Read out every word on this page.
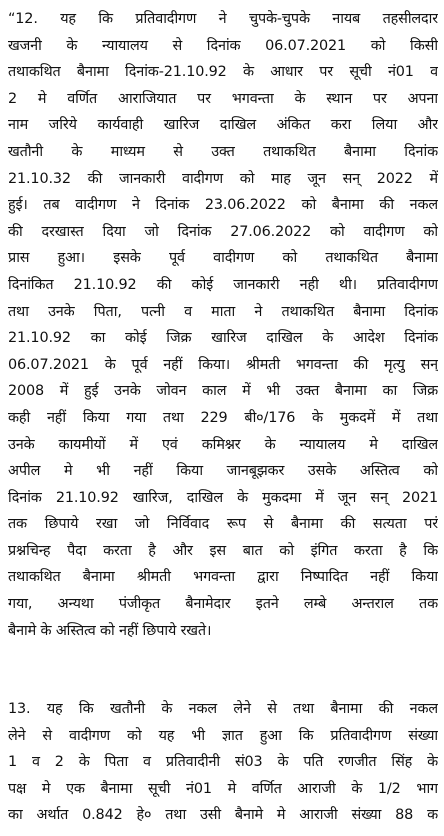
“12. यह कि प्रतिवादीगण ने चुपके-चुपके नायब तहसीलदार
खजनी के न्यायालय से दिनांक 06.07.2021 को किसी
तथाकथित बैनामा दिनांक-21.10.92 के आधार पर सूची नं01 व
2 मे वर्णित आराजियात पर भगवन्ता के स्थान पर अपना
नाम जरिये कार्यवाही खारिज दाखिल अंकित करा लिया और
खतौनी के माध्यम से उक्त तथाकथित बैनामा दिनांक
21.10.32 की जानकारी वादीगण को माह जून सन् 2022 में
हुई। तब वादीगण ने दिनांक 23.06.2022 को बैनामा की नकल
की दरखास्त दिया जो दिनांक 27.06.2022 को वादीगण को
प्रास हुआ। इसके पूर्व वादीगण को तथाकथित बैनामा
दिनांकित 21.10.92 की कोई जानकारी नही थी। प्रतिवादीगण
तथा उनके पिता, पत्नी व माता ने तथाकथित बैनामा दिनांक
21.10.92 का कोई जिक्र खारिज दाखिल के आदेश दिनांक
06.07.2021 के पूर्व नहीं किया। श्रीमती भगवन्ता की मृत्यु सन्
2008 में हुई उनके जोवन काल में भी उक्त बैनामा का जिक्र
कही नहीं किया गया तथा 229 बी०/176 के मुकदमें में तथा
उनके कायमीयों में एवं कमिश्नर के न्यायालय मे दाखिल
अपील मे भी नहीं किया जानबूझकर उसके अस्तित्व को
दिनांक 21.10.92 खारिज, दाखिल के मुकदमा में जून सन् 2021
तक छिपाये रखा जो निर्विवाद रूप से बैनामा की सत्यता परं
प्रश्नचिन्ह पैदा करता है और इस बात को इंगित करता है कि
तथाकथित बैनामा श्रीमती भगवन्ता द्वारा निष्पादित नहीं किया
गया, अन्यथा पंजीकृत बैनामेदार इतने लम्बे अन्तराल तक
बैनामे के अस्तित्व को नहीं छिपाये रखते।
13. यह कि खतौनी के नकल लेने से तथा बैनामा की नकल
लेने से वादीगण को यह भी ज्ञात हुआ कि प्रतिवादीगण संख्या
1 व 2 के पिता व प्रतिवादीनी सं03 के पति रणजीत सिंह के
पक्ष मे एक बैनामा सूची नं01 मे वर्णित आराजी के 1/2 भाग
का अर्थात 0.842 हे० तथा उसी बैनामे मे आराजी संख्या 88 क
